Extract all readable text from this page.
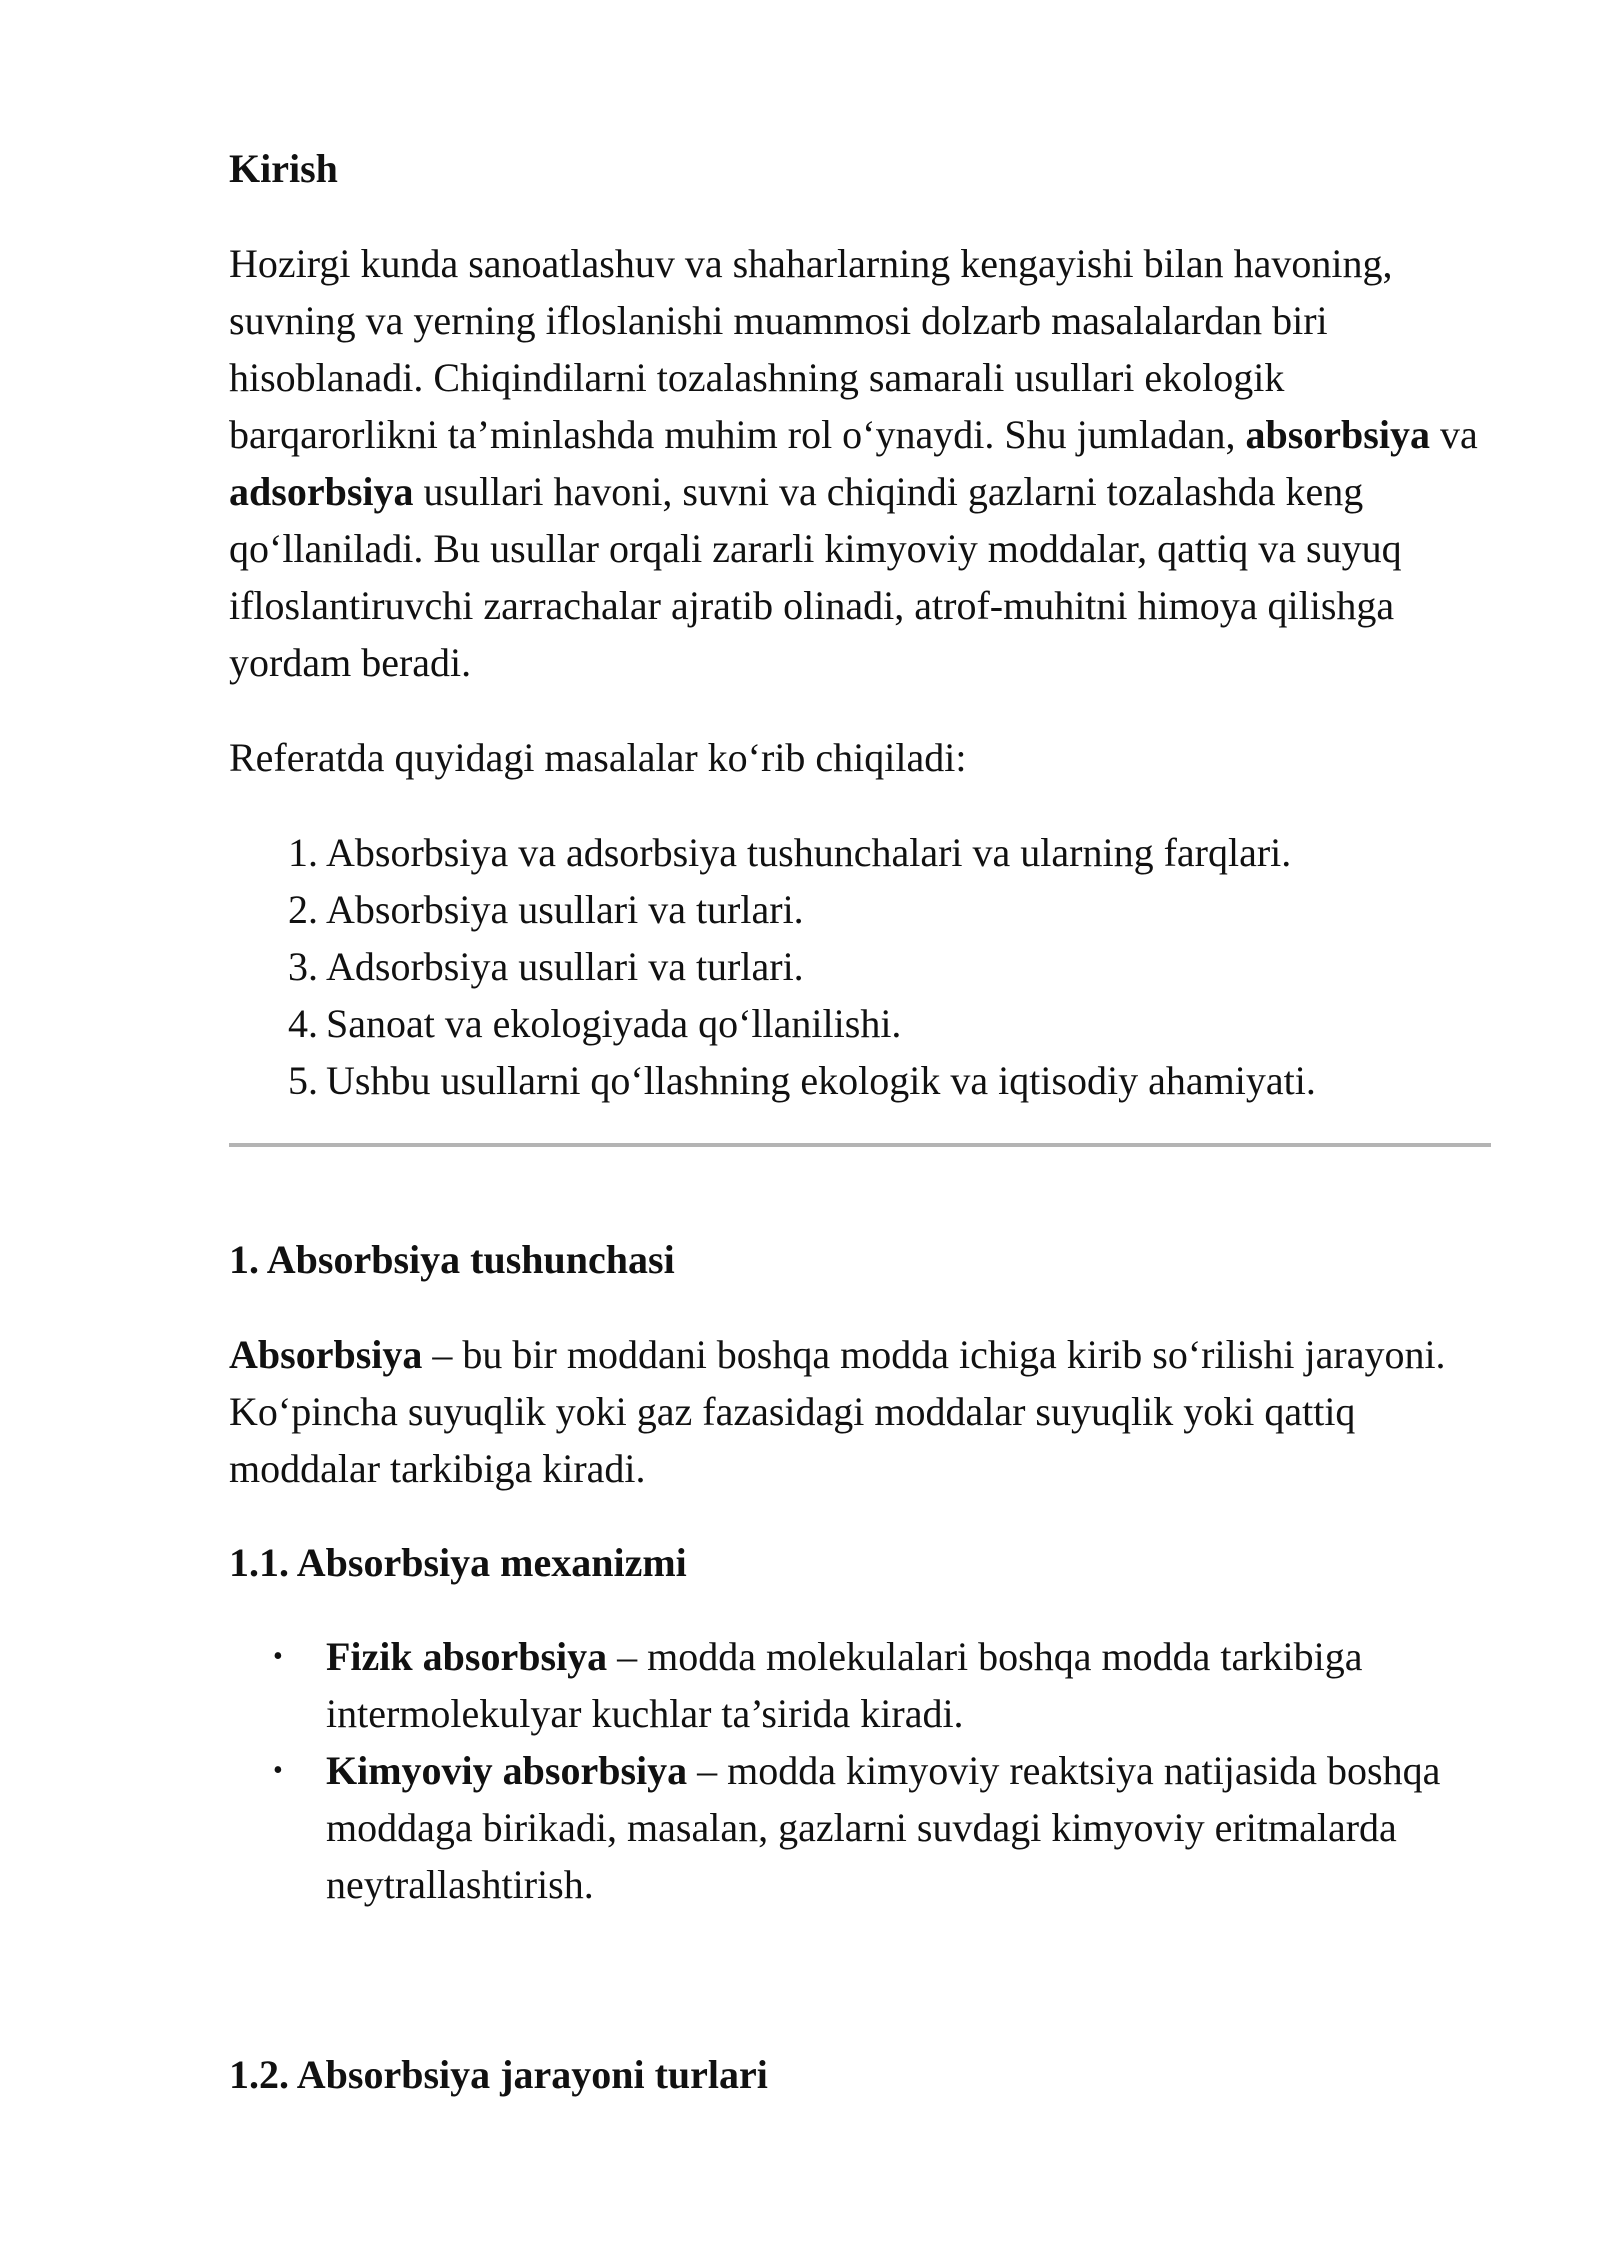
Kirish

Hozirgi kunda sanoatlashuv va shaharlarning kengayishi bilan havoning, suvning va yerning ifloslanishi muammosi dolzarb masalalardan biri hisoblanadi. Chiqindilarni tozalashning samarali usullari ekologik barqarorlikni ta’minlashda muhim rol o‘ynaydi. Shu jumladan, absorbsiya va adsorbsiya usullari havoni, suvni va chiqindi gazlarni tozalashda keng qo‘llaniladi. Bu usullar orqali zararli kimyoviy moddalar, qattiq va suyuq ifloslantiruvchi zarrachalar ajratib olinadi, atrof-muhitni himoya qilishga yordam beradi.

Referatda quyidagi masalalar ko‘rib chiqiladi:

1. Absorbsiya va adsorbsiya tushunchalari va ularning farqlari.
2. Absorbsiya usullari va turlari.
3. Adsorbsiya usullari va turlari.
4. Sanoat va ekologiyada qo‘llanilishi.
5. Ushbu usullarni qo‘llashning ekologik va iqtisodiy ahamiyati.
1. Absorbsiya tushunchasi

Absorbsiya – bu bir moddani boshqa modda ichiga kirib so‘rilishi jarayoni. Ko‘pincha suyuqlik yoki gaz fazasidagi moddalar suyuqlik yoki qattiq moddalar tarkibiga kiradi.

1.1. Absorbsiya mexanizmi
• Fizik absorbsiya – modda molekulalari boshqa modda tarkibiga intermolekulyar kuchlar ta’sirida kiradi.
• Kimyoviy absorbsiya – modda kimyoviy reaktsiya natijasida boshqa moddaga birikadi, masalan, gazlarni suvdagi kimyoviy eritmalarda neytrallashtirish.
1.2. Absorbsiya jarayoni turlari
